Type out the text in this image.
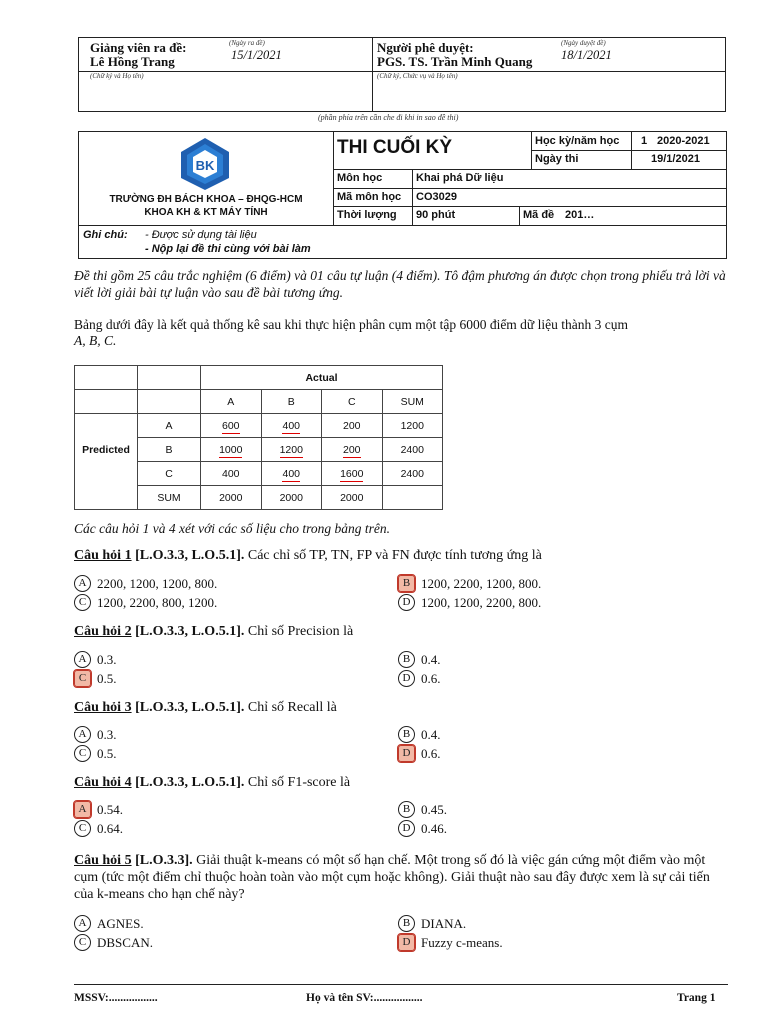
Giảng viên ra đề:
Lê Hồng Trang
(Ngày ra đề)
15/1/2021
(Chữ ký và Họ tên)
Người phê duyệt:
PGS. TS. Trần Minh Quang
(Ngày duyệt đề)
18/1/2021
(Chữ ký, Chức vụ và Họ tên)
(phần phía trên cần che đi khi in sao đề thi)
BK
TRƯỜNG ĐH BÁCH KHOA – ĐHQG-HCM
KHOA KH & KT MÁY TÍNH
THI CUỐI KỲ	Học kỳ/năm học 1 2020-2021
Ngày thi	19/1/2021
Môn học	Khai phá Dữ liệu
Mã môn học CO3029
Thời lượng 90 phút	Mã đề 201…
Ghi chú: - Được sử dụng tài liệu
- Nộp lại đề thi cùng với bài làm
Đề thi gồm 25 câu trắc nghiệm (6 điểm) và 01 câu tự luận (4 điểm). Tô đậm phương án được chọn trong phiếu trả lời và viết lời giải bài tự luận vào sau đề bài tương ứng.
Bảng dưới đây là kết quả thống kê sau khi thực hiện phân cụm một tập 6000 điểm dữ liệu thành 3 cụm
A, B, C.
		Actual			
		A	B	C	SUM
	A	600	400	200	1200
Predicted	B	1000	1200	200	2400
	C	400	400	1600	2400
	SUM	2000	2000	2000	
Các câu hỏi 1 và 4 xét với các số liệu cho trong bảng trên.
Câu hỏi 1 [L.O.3.3, L.O.5.1]. Các chỉ số TP, TN, FP và FN được tính tương ứng là
A 2200, 1200, 1200, 800.	B 1200, 2200, 1200, 800.
C 1200, 2200, 800, 1200.	D 1200, 1200, 2200, 800.
Câu hỏi 2 [L.O.3.3, L.O.5.1]. Chỉ số Precision là
A 0.3.	B 0.4.
C 0.5.	D 0.6.
Câu hỏi 3 [L.O.3.3, L.O.5.1]. Chỉ số Recall là
A 0.3.	B 0.4.
C 0.5.	D 0.6.
Câu hỏi 4 [L.O.3.3, L.O.5.1]. Chỉ số F1-score là
A 0.54.	B 0.45.
C 0.64.	D 0.46.
Câu hỏi 5 [L.O.3.3]. Giải thuật k-means có một số hạn chế. Một trong số đó là việc gán cứng một điểm vào một cụm (tức một điểm chỉ thuộc hoàn toàn vào một cụm hoặc không). Giải thuật nào sau đây được xem là sự cải tiến của k-means cho hạn chế này?
A AGNES.	B DIANA.
C DBSCAN.	D Fuzzy c-means.
MSSV:.................	Họ và tên SV:.................	Trang 1
